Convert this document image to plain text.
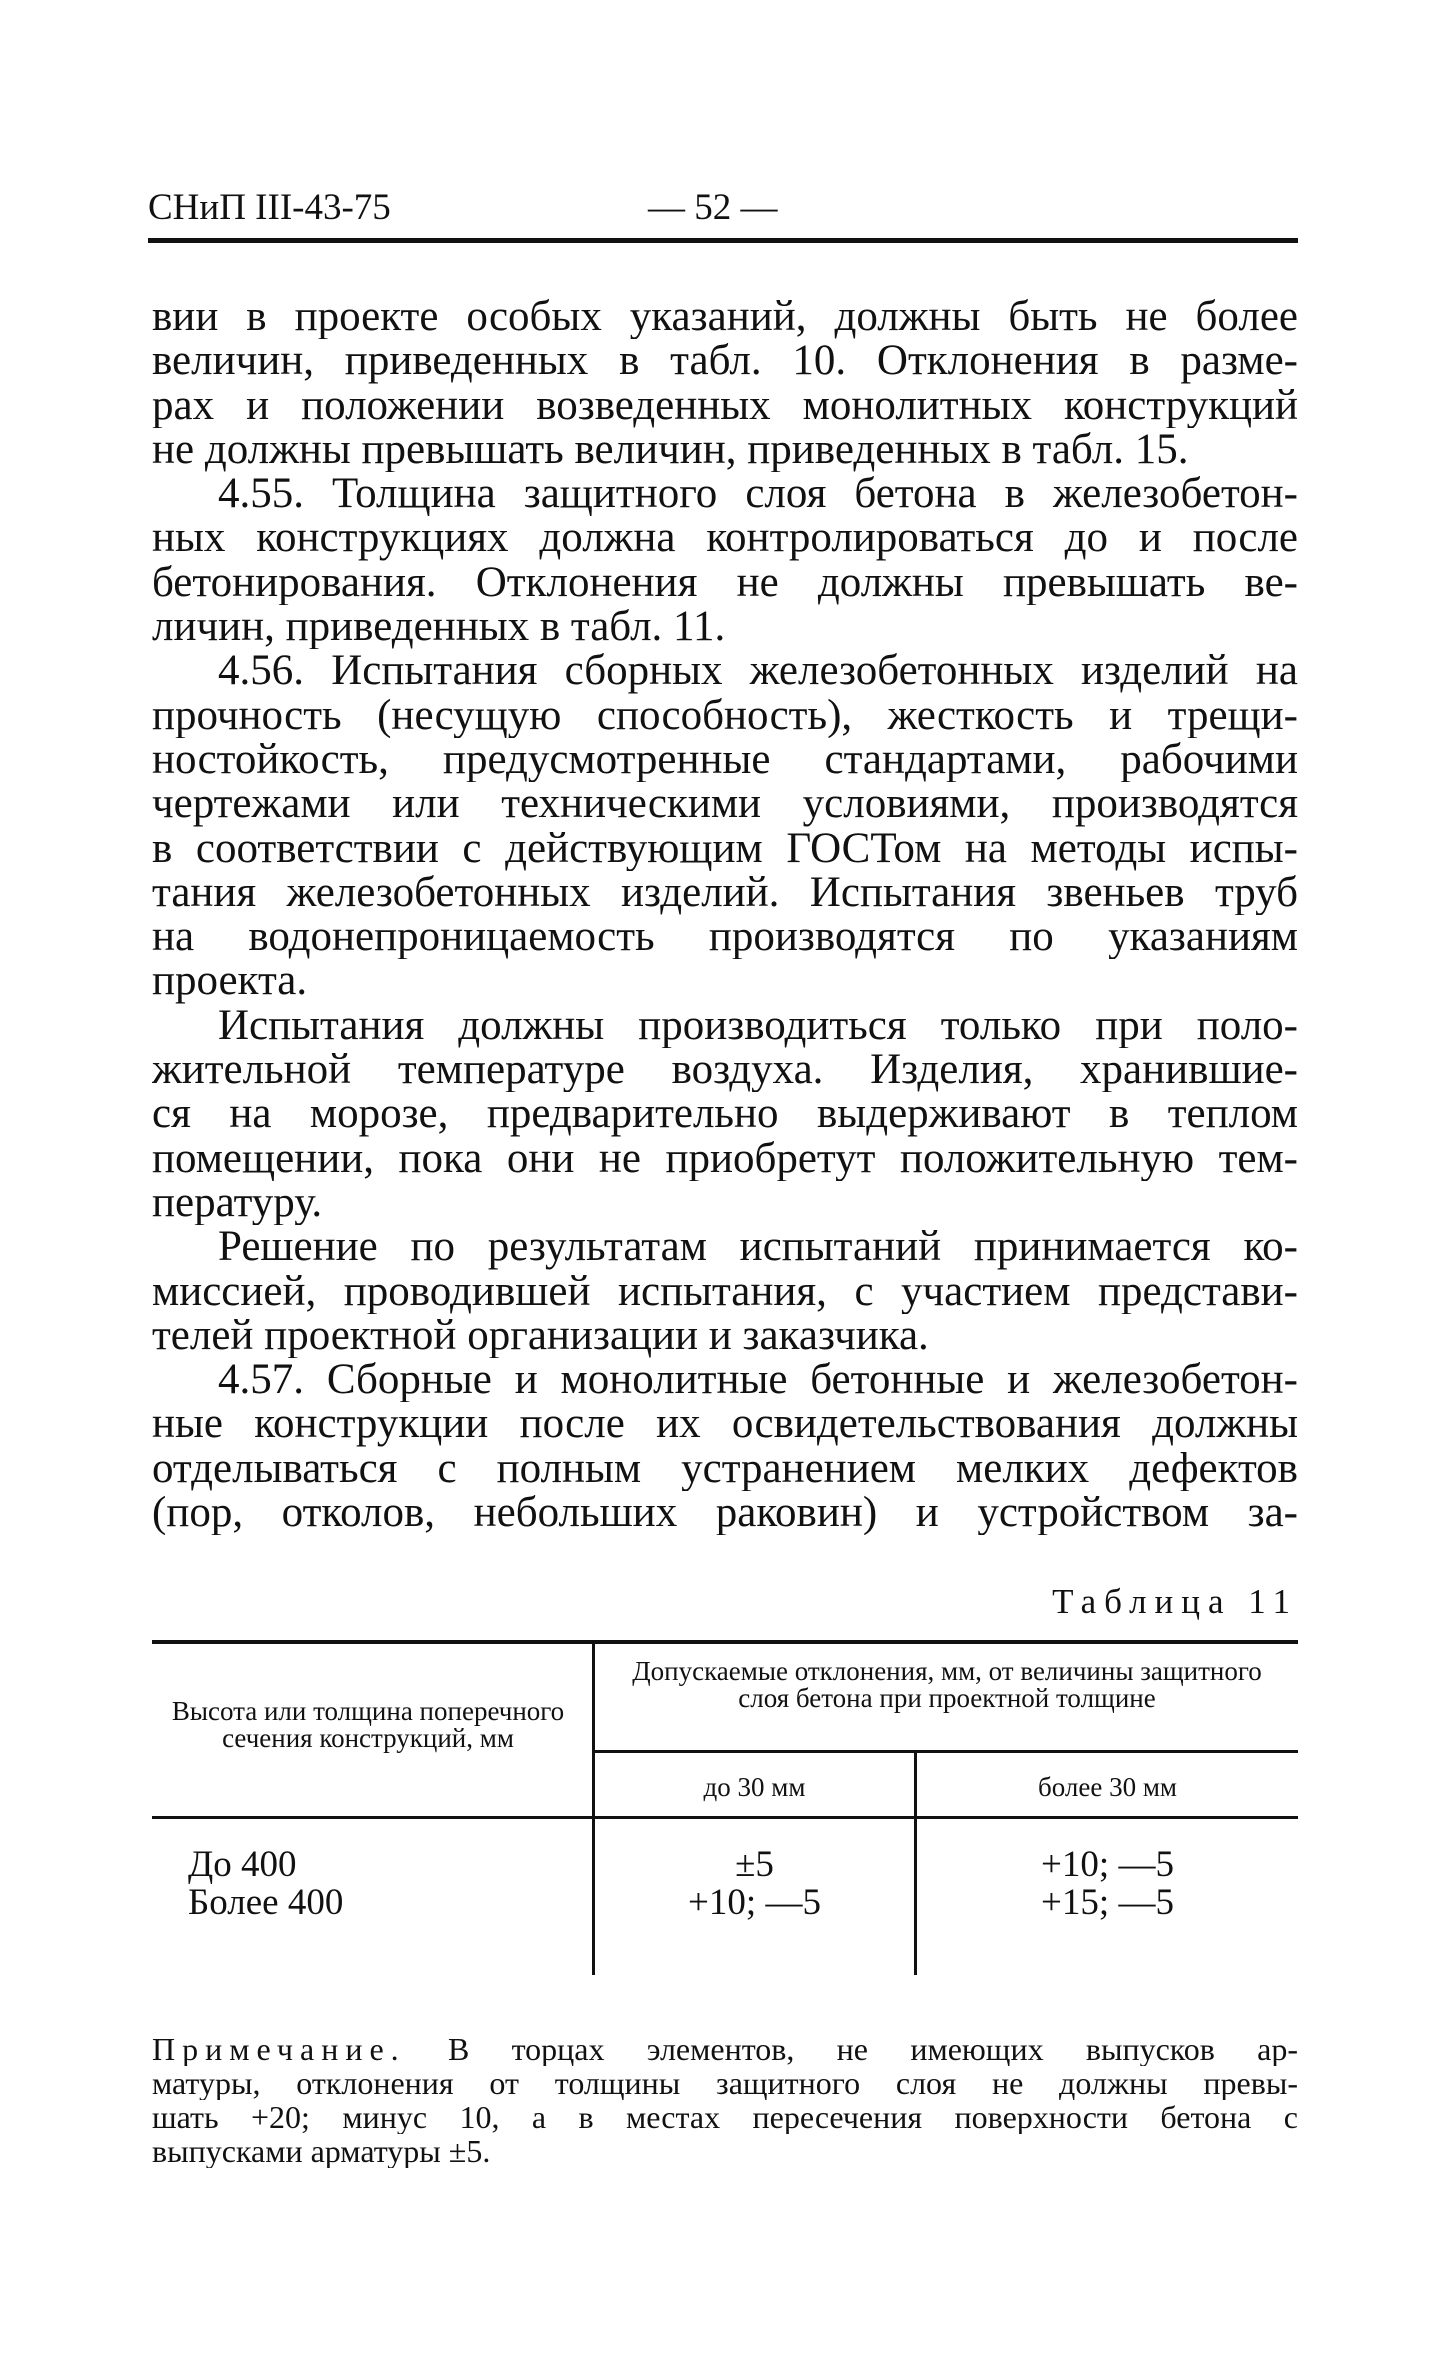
СНиП III-43-75	— 52 —
вии в проекте особых указаний, должны быть не более
величин, приведенных в табл. 10. Отклонения в разме-
рах и положении возведенных монолитных конструкций
не должны превышать величин, приведенных в табл. 15.
4.55. Толщина защитного слоя бетона в железобетон-
ных конструкциях должна контролироваться до и после
бетонирования. Отклонения не должны превышать ве-
личин, приведенных в табл. 11.
4.56. Испытания сборных железобетонных изделий на
прочность (несущую способность), жесткость и трещи-
ностойкость, предусмотренные стандартами, рабочими
чертежами или техническими условиями, производятся
в соответствии с действующим ГОСТом на методы испы-
тания железобетонных изделий. Испытания звеньев труб
на водонепроницаемость производятся по указаниям
проекта.
Испытания должны производиться только при поло-
жительной температуре воздуха. Изделия, хранившие-
ся на морозе, предварительно выдерживают в теплом
помещении, пока они не приобретут положительную тем-
пературу.
Решение по результатам испытаний принимается ко-
миссией, проводившей испытания, с участием представи-
телей проектной организации и заказчика.
4.57. Сборные и монолитные бетонные и железобетон-
ные конструкции после их освидетельствования должны
отделываться с полным устранением мелких дефектов
(пор, отколов, небольших раковин) и устройством за-
Таблица 11
Высота или толщина поперечного сечения конструкций, мм
Допускаемые отклонения, мм, от величины защитного слоя бетона при проектной толщине
до 30 мм	более 30 мм
До 400
Более 400
±5
+10; —5
+10; —5
+15; —5
Примечание. В торцах элементов, не имеющих выпусков ар-
матуры, отклонения от толщины защитного слоя не должны превы-
шать +20; минус 10, а в местах пересечения поверхности бетона с
выпусками арматуры ±5.
